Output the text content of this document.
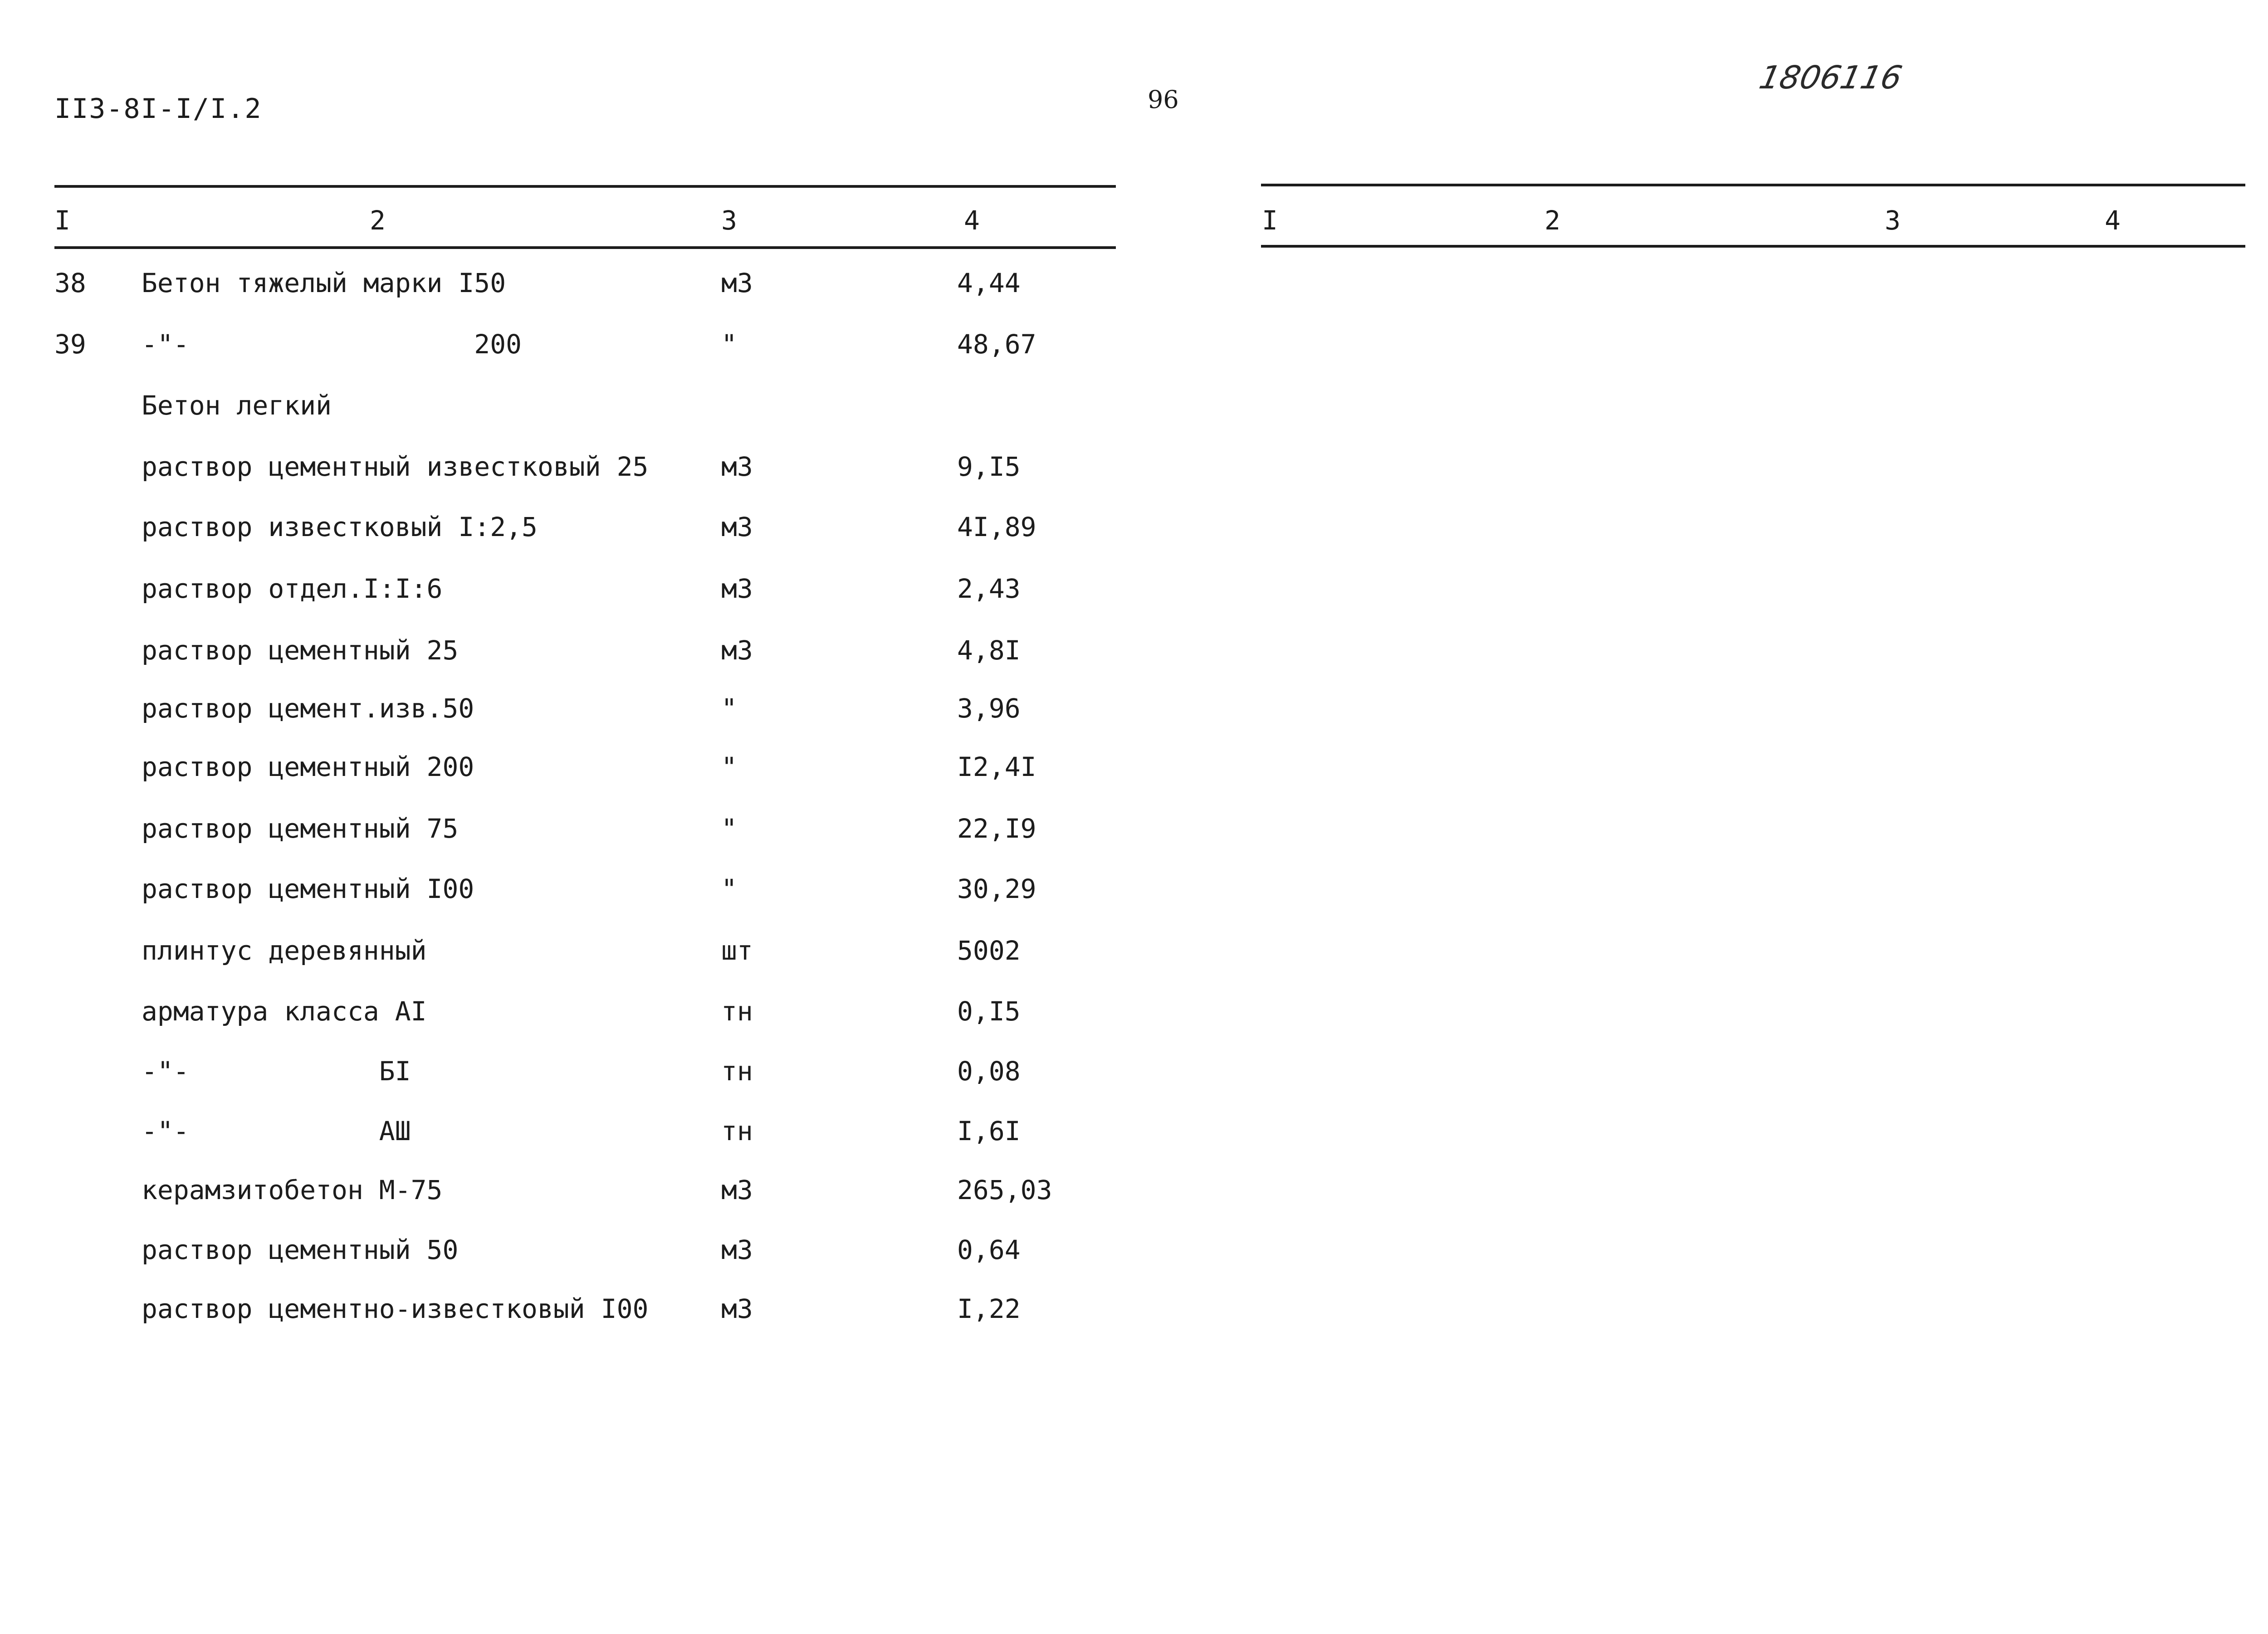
II3-8I-I/I.2	96
1806116
I	2	3	4	I	2	3	4
38 Бетон тяжелый марки I50	м3	4,44
39 -"-                  200	"	48,67
Бетон легкий
раствор цементный известковый 25	м3	9,I5
раствор известковый I:2,5	м3	4I,89
раствор отдел.I:I:6	м3	2,43
раствор цементный 25	м3	4,8I
раствор цемент.изв.50	"	3,96
раствор цементный 200	"	I2,4I
раствор цементный 75	"	22,I9
раствор цементный I00	"	30,29
плинтус деревянный	шт	5002
арматура класса AI	тн	0,I5
-"-            БI	тн	0,08
-"-            АШ	тн	I,6I
керамзитобетон М-75	м3	265,03
раствор цементный 50	м3	0,64
раствор цементно-известковый I00	м3	I,22
